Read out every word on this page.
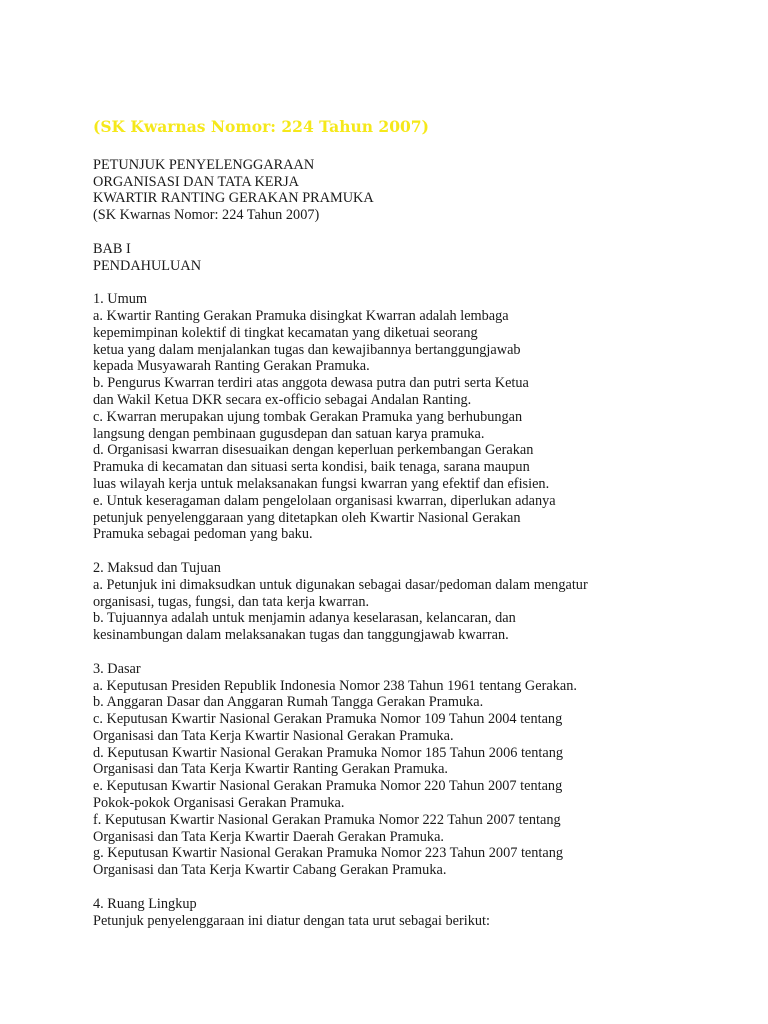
(SK Kwarnas Nomor: 224 Tahun 2007)
PETUNJUK PENYELENGGARAAN
ORGANISASI DAN TATA KERJA
KWARTIR RANTING GERAKAN PRAMUKA
(SK Kwarnas Nomor: 224 Tahun 2007)
BAB I
PENDAHULUAN
1. Umum
a. Kwartir Ranting Gerakan Pramuka disingkat Kwarran adalah lembaga
kepemimpinan kolektif di tingkat kecamatan yang diketuai seorang
ketua yang dalam menjalankan tugas dan kewajibannya bertanggungjawab
kepada Musyawarah Ranting Gerakan Pramuka.
b. Pengurus Kwarran terdiri atas anggota dewasa putra dan putri serta Ketua
dan Wakil Ketua DKR secara ex-officio sebagai Andalan Ranting.
c. Kwarran merupakan ujung tombak Gerakan Pramuka yang berhubungan
langsung dengan pembinaan gugusdepan dan satuan karya pramuka.
d. Organisasi kwarran disesuaikan dengan keperluan perkembangan Gerakan
Pramuka di kecamatan dan situasi serta kondisi, baik tenaga, sarana maupun
luas wilayah kerja untuk melaksanakan fungsi kwarran yang efektif dan efisien.
e. Untuk keseragaman dalam pengelolaan organisasi kwarran, diperlukan adanya
petunjuk penyelenggaraan yang ditetapkan oleh Kwartir Nasional Gerakan
Pramuka sebagai pedoman yang baku.
2. Maksud dan Tujuan
a. Petunjuk ini dimaksudkan untuk digunakan sebagai dasar/pedoman dalam mengatur
organisasi, tugas, fungsi, dan tata kerja kwarran.
b. Tujuannya adalah untuk menjamin adanya keselarasan, kelancaran, dan
kesinambungan dalam melaksanakan tugas dan tanggungjawab kwarran.
3. Dasar
a. Keputusan Presiden Republik Indonesia Nomor 238 Tahun 1961 tentang Gerakan.
b. Anggaran Dasar dan Anggaran Rumah Tangga Gerakan Pramuka.
c. Keputusan Kwartir Nasional Gerakan Pramuka Nomor 109 Tahun 2004 tentang
Organisasi dan Tata Kerja Kwartir Nasional Gerakan Pramuka.
d. Keputusan Kwartir Nasional Gerakan Pramuka Nomor 185 Tahun 2006 tentang
Organisasi dan Tata Kerja Kwartir Ranting Gerakan Pramuka.
e. Keputusan Kwartir Nasional Gerakan Pramuka Nomor 220 Tahun 2007 tentang
Pokok-pokok Organisasi Gerakan Pramuka.
f. Keputusan Kwartir Nasional Gerakan Pramuka Nomor 222 Tahun 2007 tentang
Organisasi dan Tata Kerja Kwartir Daerah Gerakan Pramuka.
g. Keputusan Kwartir Nasional Gerakan Pramuka Nomor 223 Tahun 2007 tentang
Organisasi dan Tata Kerja Kwartir Cabang Gerakan Pramuka.
4. Ruang Lingkup
Petunjuk penyelenggaraan ini diatur dengan tata urut sebagai berikut:
